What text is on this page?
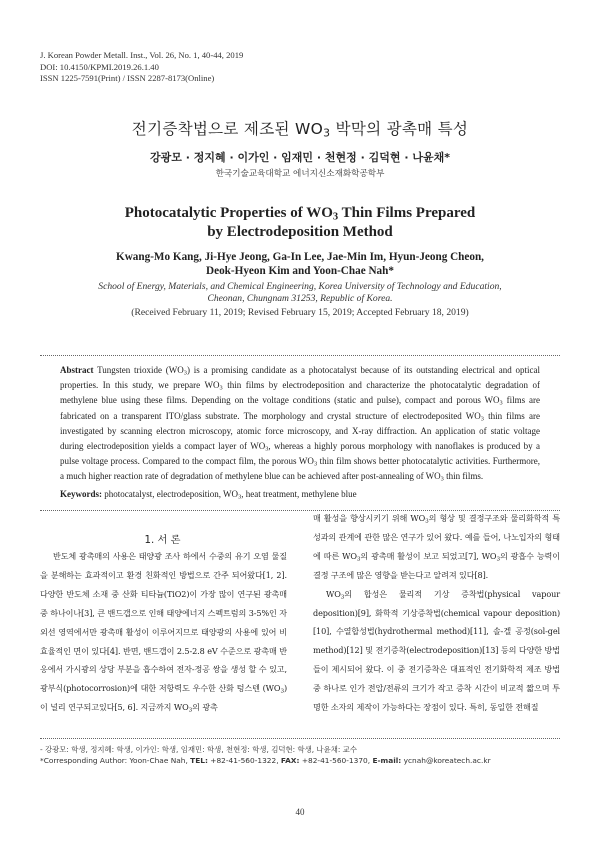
J. Korean Powder Metall. Inst., Vol. 26, No. 1, 40-44, 2019
DOI: 10.4150/KPMI.2019.26.1.40
ISSN 1225-7591(Print) / ISSN 2287-8173(Online)
전기증착법으로 제조된 $WO_3$ 박막의 광촉매 특성
강광모 · 정지혜 · 이가인 · 임재민 · 천현정 · 김덕현 · 나윤채*
한국기술교육대학교 에너지신소재화학공학부
Photocatalytic Properties of $WO_3$ Thin Films Prepared
by Electrodeposition Method
Kwang-Mo Kang, Ji-Hye Jeong, Ga-In Lee, Jae-Min Im, Hyun-Jeong Cheon,
Deok-Hyeon Kim and Yoon-Chae Nah*
School of Energy, Materials, and Chemical Engineering, Korea University of Technology and Education,
Cheonan, Chungnam 31253, Republic of Korea.
(Received February 11, 2019; Revised February 15, 2019; Accepted February 18, 2019)
Abstract Tungsten trioxide $(WO_3)$ is a promising candidate as a photocatalyst because of its outstanding electrical and optical properties. In this study, we prepare $WO_3$ thin films by electrodeposition and characterize the photocatalytic degradation of methylene blue using these films. Depending on the voltage conditions (static and pulse), compact and porous $WO_3$ films are fabricated on a transparent ITO/glass substrate. The morphology and crystal structure of electrodeposited $WO_3$ thin films are investigated by scanning electron microscopy, atomic force microscopy, and X-ray diffraction. An application of static voltage during electrodeposition yields a compact layer of $WO_3$, whereas a highly porous morphology with nanoflakes is produced by a pulse voltage process. Compared to the compact film, the porous $WO_3$ thin film shows better photocatalytic activities. Furthermore, a much higher reaction rate of degradation of methylene blue can be achieved after post-annealing of $WO_3$ thin films.
Keywords: photocatalyst, electrodeposition, $WO_3$, heat treatment, methylene blue
1. 서 론

반도체 광촉매의 사용은 태양광 조사 하에서 수중의 유기 오염 물질을 분해하는 효과적이고 환경 친화적인 방법으로 간주 되어왔다[1, 2]. 다양한 반도체 소재 중 산화 티타늄(TiO2)이 가장 많이 연구된 광촉매 중 하나이나[3], 큰 밴드갭으로 인해 태양에너지 스펙트럼의 3-5%인 자외선 영역에서만 광촉매 활성이 이루어지므로 태양광의 사용에 있어 비효율적인 면이 있다[4]. 반면, 밴드갭이 2.5-2.8 eV 수준으로 광촉매 반응에서 가시광의 상당 부분을 흡수하여 전자-정공 쌍을 생성 할 수 있고, 광부식(photocorrosion)에 대한 저항력도 우수한 산화 텅스텐 $(WO_3)$이 널리 연구되고있다[5, 6]. 지금까지 $WO_3$의 광촉

매 활성을 향상시키기 위해 $WO_3$의 형상 및 결정구조와 물리화학적 특성과의 관계에 관한 많은 연구가 있어 왔다. 예를 들어, 나노입자의 형태에 따른 $WO_3$의 광촉매 활성이 보고 되었고[7], $WO_3$의 광흡수 능력이 결정 구조에 많은 영향을 받는다고 알려져 있다[8].

$WO_3$의 합성은 물리적 기상 증착법(physical vapour deposition)[9], 화학적 기상증착법(chemical vapour deposition) [10], 수열합성법(hydrothermal method)[11], 솔-겔 공정(sol-gel method)[12] 및 전기증착(electrodeposition)[13] 등의 다양한 방법들이 제시되어 왔다. 이 중 전기증착은 대표적인 전기화학적 제조 방법 중 하나로 인가 전압/전류의 크기가 작고 증착 시간이 비교적 짧으며 투명한 소자의 제작이 가능하다는 장점이 있다. 특히, 동일한 전해질

- 강광모: 학생, 정지혜: 학생, 이가인: 학생, 임재민: 학생, 천현정: 학생, 김덕현: 학생, 나윤채: 교수
*Corresponding Author: Yoon-Chae Nah, TEL: +82-41-560-1322, FAX: +82-41-560-1370, E-mail: ycnah@koreatech.ac.kr
40
